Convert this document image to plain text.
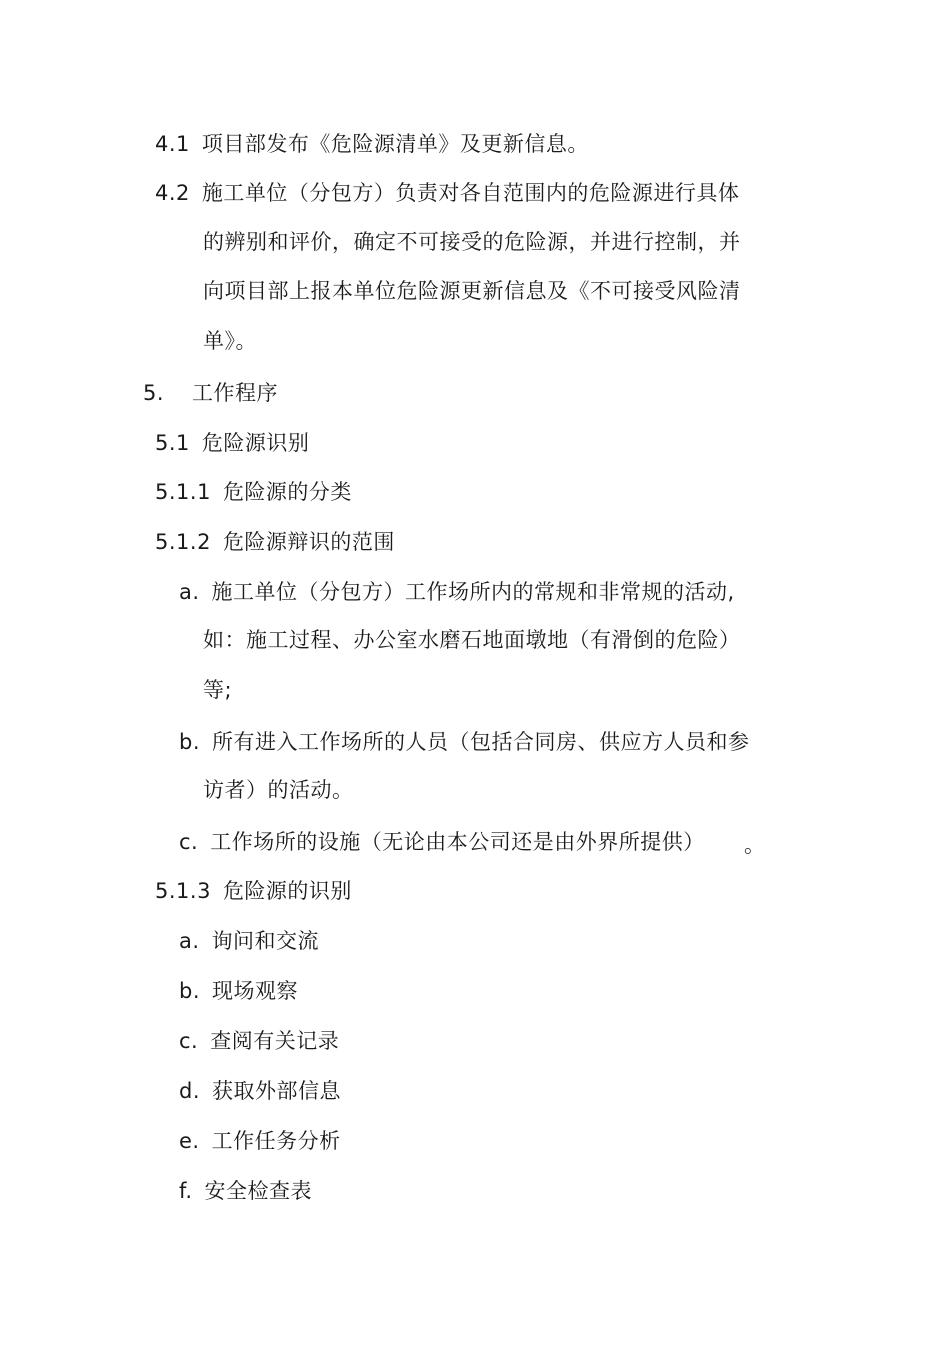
4.1 项目部发布《危险源清单》及更新信息。
4.2 施工单位（分包方）负责对各自范围内的危险源进行具体
的辨别和评价，确定不可接受的危险源，并进行控制，并
向项目部上报本单位危险源更新信息及《不可接受风险清
单》。
5. 工作程序
5.1 危险源识别
5.1.1 危险源的分类
5.1.2 危险源辩识的范围
a. 施工单位（分包方）工作场所内的常规和非常规的活动,
如：施工过程、办公室水磨石地面墩地（有滑倒的危险）
等;
b. 所有进入工作场所的人员（包括合同房、供应方人员和参
访者）的活动。
c. 工作场所的设施（无论由本公司还是由外界所提供） 。
5.1.3 危险源的识别
a. 询问和交流
b. 现场观察
c. 查阅有关记录
d. 获取外部信息
e. 工作任务分析
f. 安全检查表
